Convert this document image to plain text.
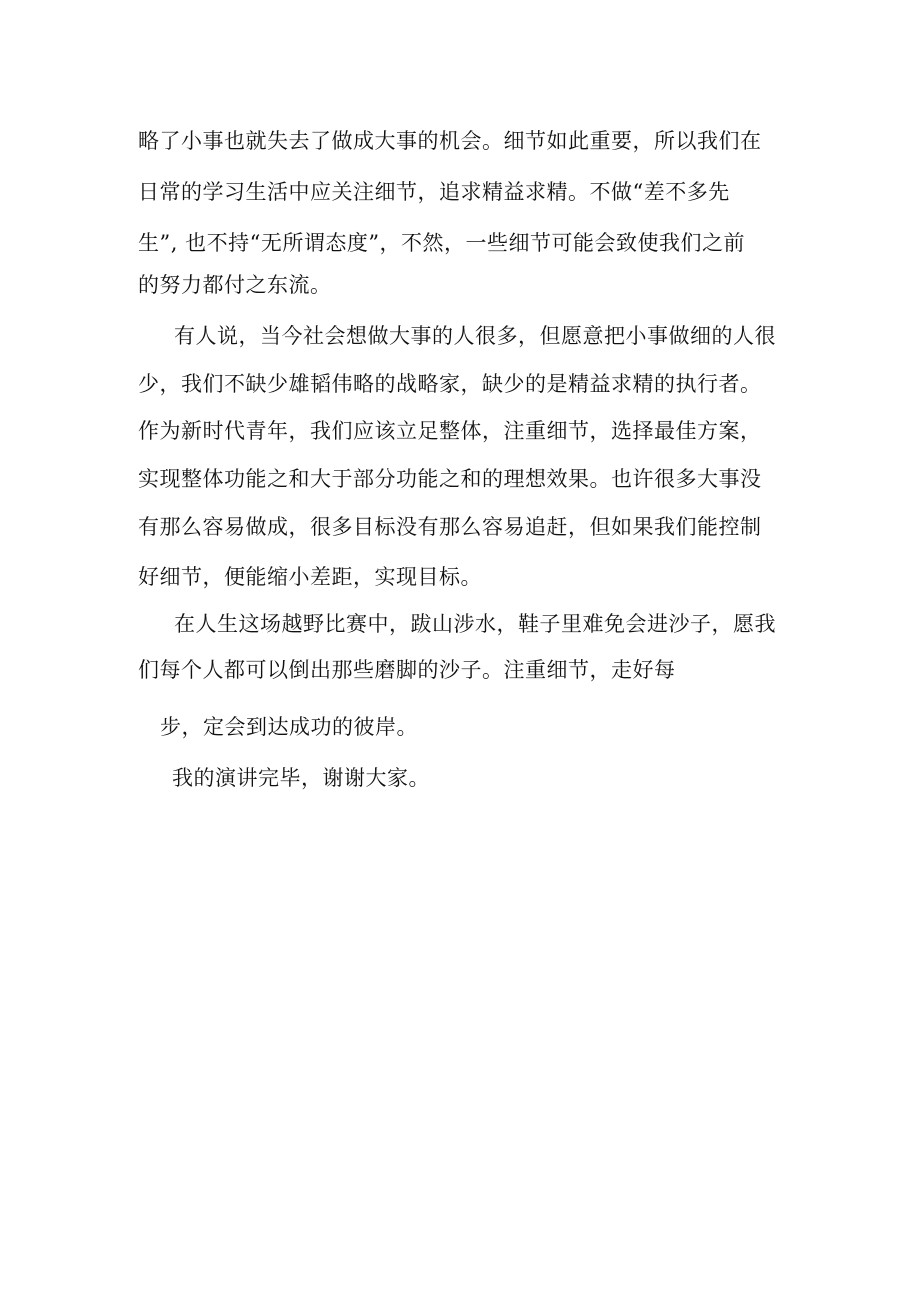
略了小事也就失去了做成大事的机会。细节如此重要，所以我们在

日常的学习生活中应关注细节，追求精益求精。不做“差不多先

生”, 也不持“无所谓态度”，不然，一些细节可能会致使我们之前

的努力都付之东流。

有人说，当今社会想做大事的人很多，但愿意把小事做细的人很

少，我们不缺少雄韬伟略的战略家，缺少的是精益求精的执行者。

作为新时代青年，我们应该立足整体，注重细节，选择最佳方案，

实现整体功能之和大于部分功能之和的理想效果。也许很多大事没

有那么容易做成，很多目标没有那么容易追赶，但如果我们能控制

好细节，便能缩小差距，实现目标。

在人生这场越野比赛中，跋山涉水，鞋子里难免会进沙子，愿我

们每个人都可以倒出那些磨脚的沙子。注重细节，走好每

步，定会到达成功的彼岸。

我的演讲完毕，谢谢大家。
